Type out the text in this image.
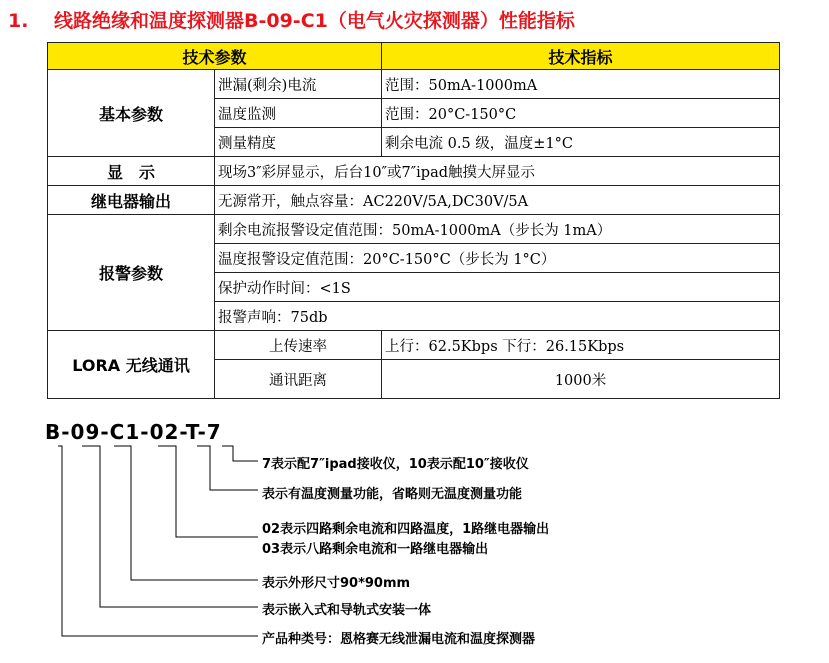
1. 线路绝缘和温度探测器B-09-C1（电气火灾探测器）性能指标
技术参数		技术指标
基本参数	泄漏(剩余)电流	范围：50mA-1000mA
	温度监测	范围：20°C-150°C
	测量精度	剩余电流 0.5 级，温度±1°C
显　示	现场3″彩屏显示，后台10″或7″ipad触摸大屏显示	
继电器输出	无源常开，触点容量：AC220V/5A,DC30V/5A	
报警参数	剩余电流报警设定值范围：50mA-1000mA（步长为 1mA）	
	温度报警设定值范围：20°C-150°C（步长为 1°C）	
	保护动作时间：<1S	
	报警声响：75db	
LORA 无线通讯	上传速率	上行：62.5Kbps 下行：26.15Kbps
	通讯距离	1000米
B-09-C1-02-T-7
7表示配7″ipad接收仪，10表示配10″接收仪
表示有温度测量功能，省略则无温度测量功能
02表示四路剩余电流和四路温度，1路继电器输出
03表示八路剩余电流和一路继电器输出
表示外形尺寸90*90mm
表示嵌入式和导轨式安装一体
产品种类号：恩格赛无线泄漏电流和温度探测器
